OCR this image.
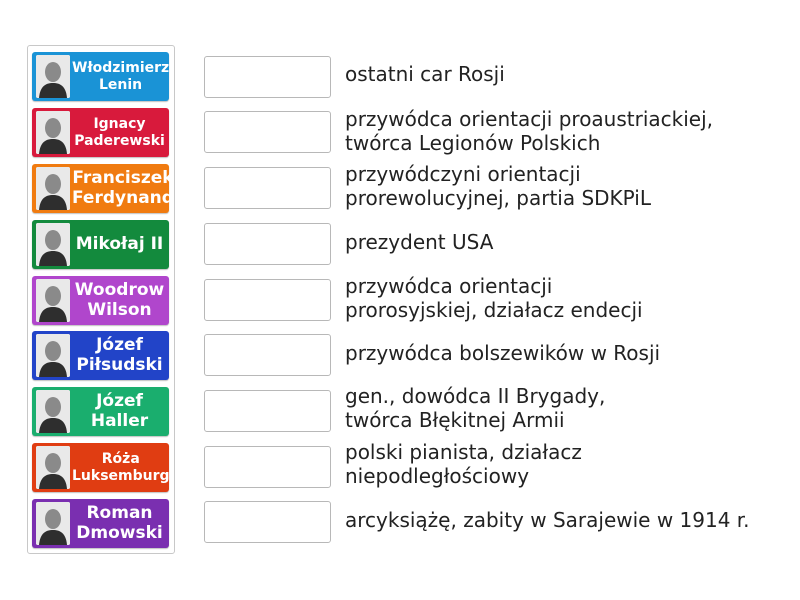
Włodzimierz
Lenin
Ignacy
Paderewski
Franciszek
Ferdynand
Mikołaj II
Woodrow
Wilson
Józef
Piłsudski
Józef
Haller
Róża
Luksemburg
Roman
Dmowski
ostatni car Rosji
przywódca orientacji proaustriackiej,
twórca Legionów Polskich
przywódczyni orientacji
prorewolucyjnej, partia SDKPiL
prezydent USA
przywódca orientacji
prorosyjskiej, działacz endecji
przywódca bolszewików w Rosji
gen., dowódca II Brygady,
twórca Błękitnej Armii
polski pianista, działacz
niepodległościowy
arcyksiążę, zabity w Sarajewie w 1914 r.
